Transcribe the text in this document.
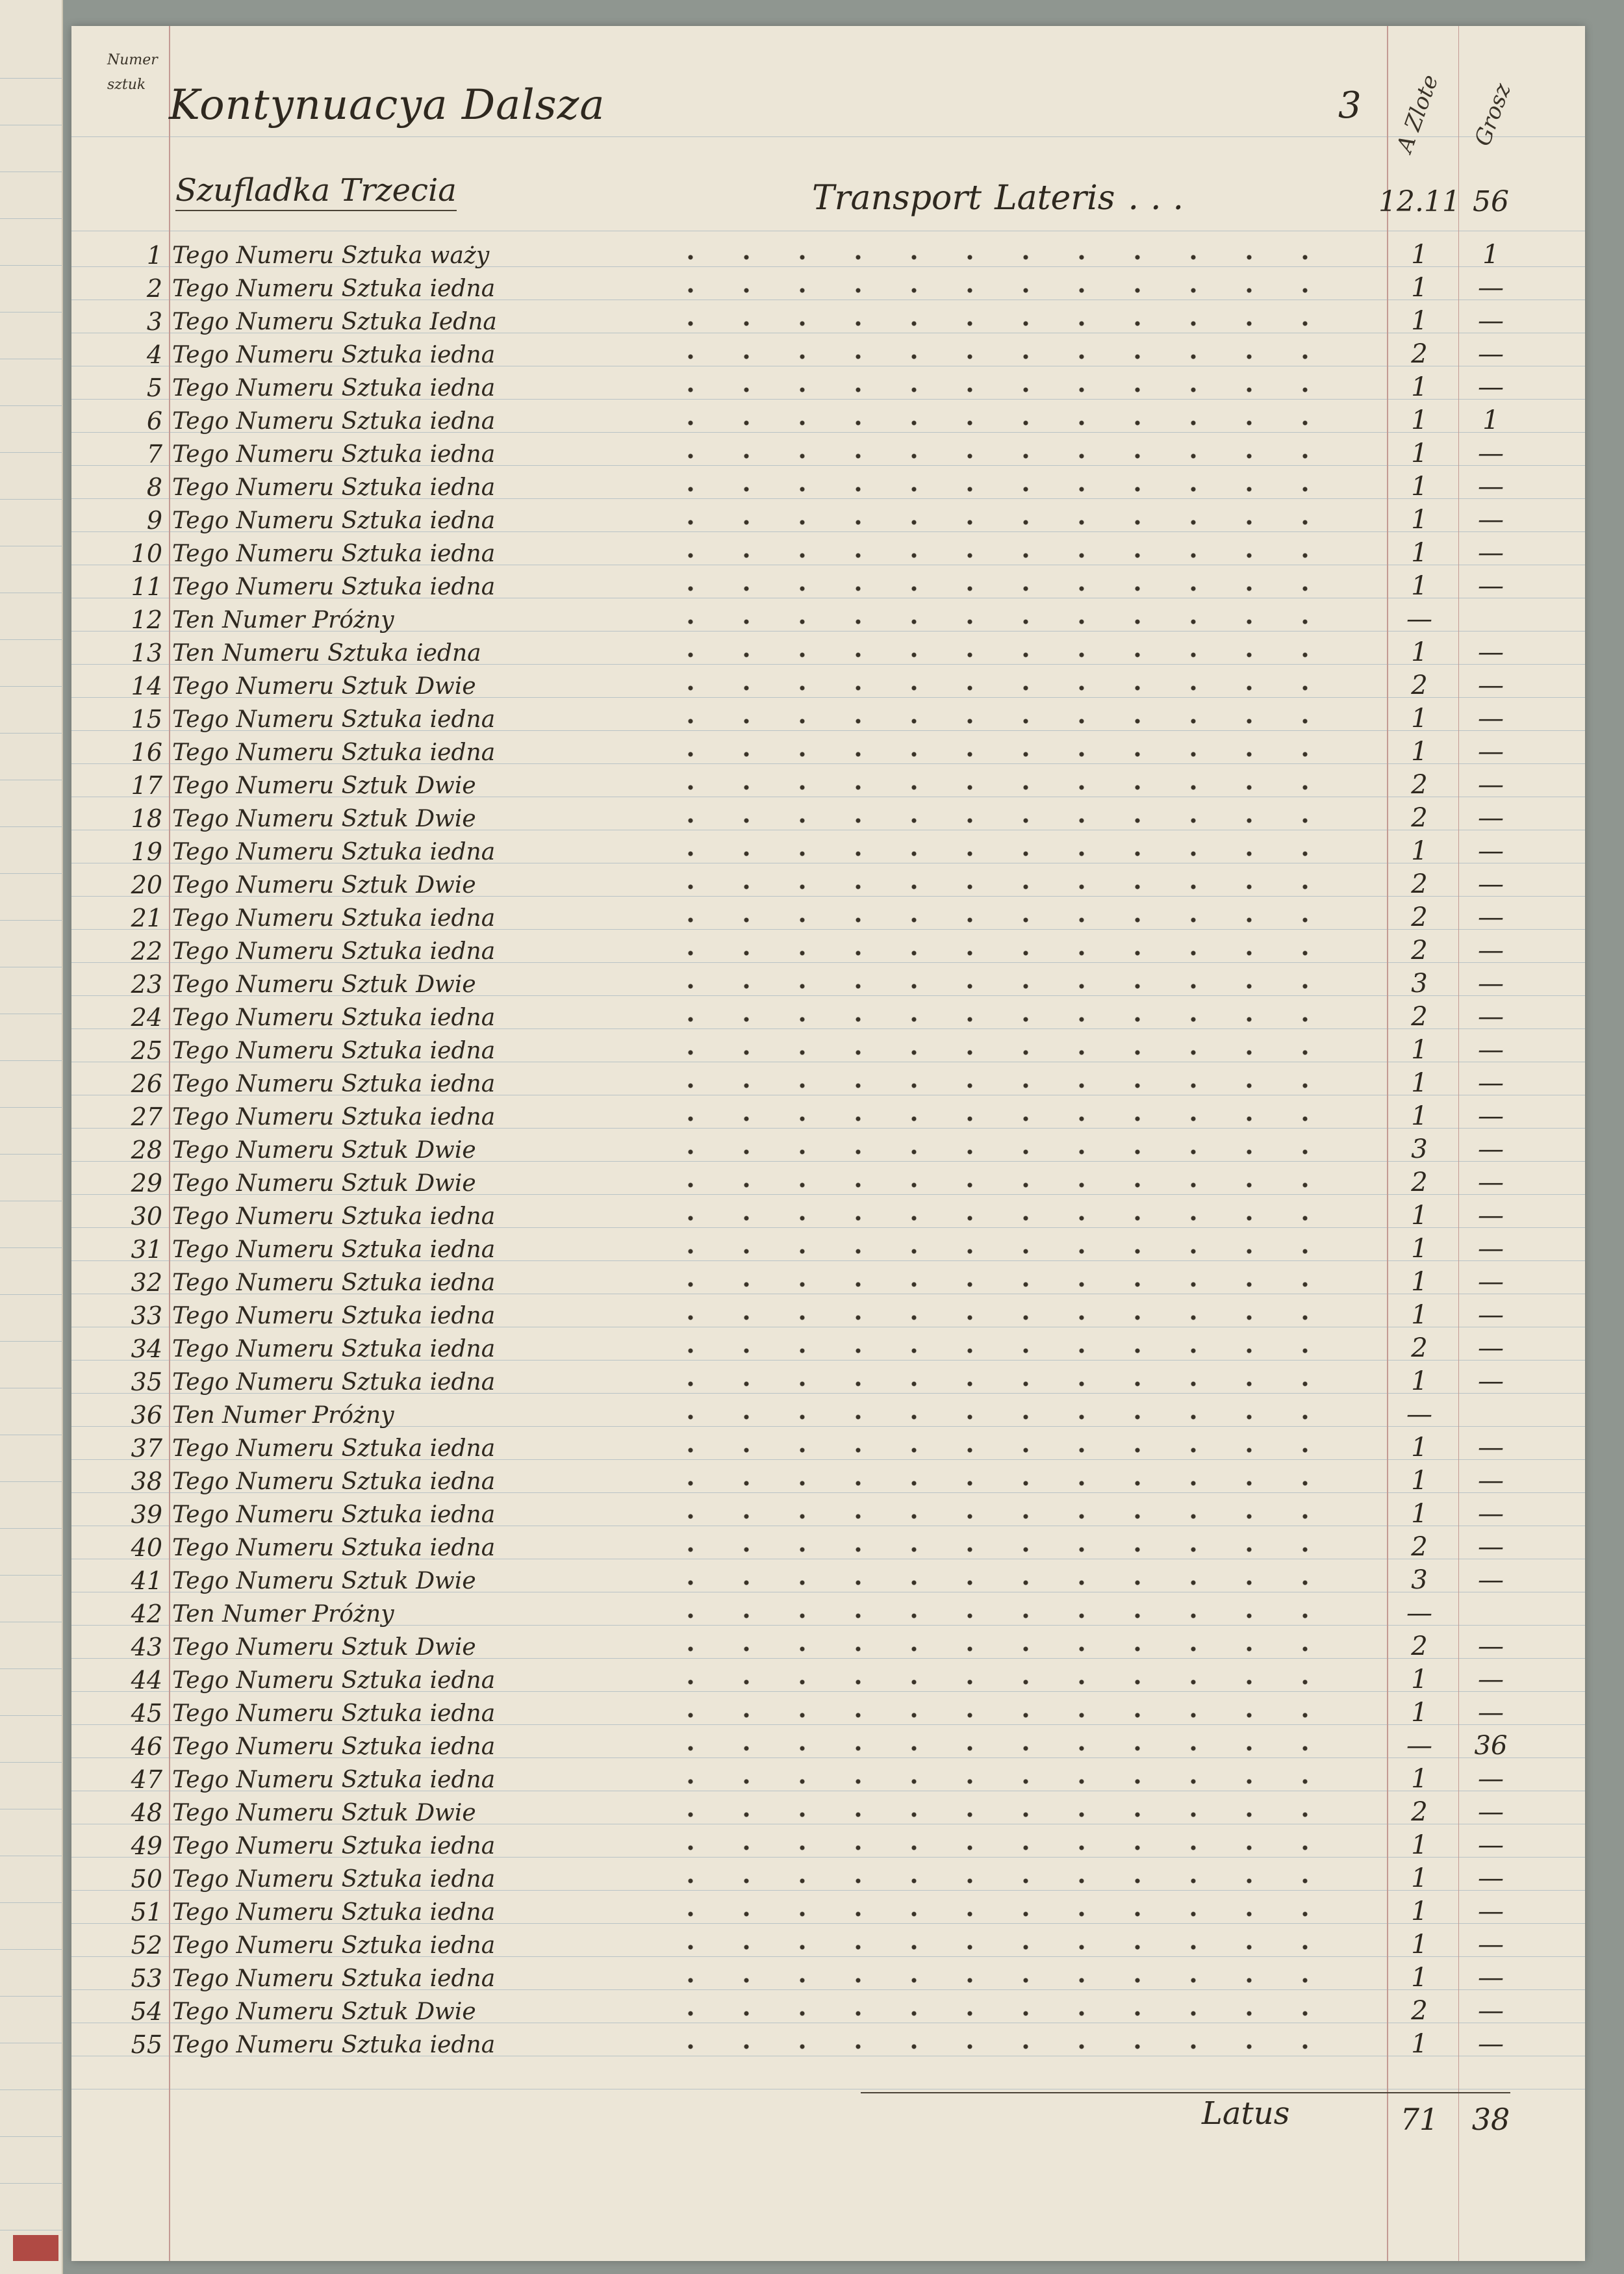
Numer
sztuk Kontynuacya Dalsza	3 A Zlote Grosz
Szufladka Trzecia	Transport Lateris ...	12.11 56
1 Tego Numeru Sztuka waży	1	1
2 Tego Numeru Sztuka iedna	1	—
3 Tego Numeru Sztuka Iedna	1	—
4 Tego Numeru Sztuka iedna	2	—
5 Tego Numeru Sztuka iedna	1	—
6 Tego Numeru Sztuka iedna	1	1
7 Tego Numeru Sztuka iedna	1	—
8 Tego Numeru Sztuka iedna	1	—
9 Tego Numeru Sztuka iedna	1	—
10 Tego Numeru Sztuka iedna	1	—
11 Tego Numeru Sztuka iedna	1	—
12 Ten Numer Próżny	—
13 Ten Numeru Sztuka iedna	1	—
14 Tego Numeru Sztuk Dwie	2	—
15 Tego Numeru Sztuka iedna	1	—
16 Tego Numeru Sztuka iedna	1	—
17 Tego Numeru Sztuk Dwie	2	—
18 Tego Numeru Sztuk Dwie	2	—
19 Tego Numeru Sztuka iedna	1	—
20 Tego Numeru Sztuk Dwie	2	—
21 Tego Numeru Sztuka iedna	2	—
22 Tego Numeru Sztuka iedna	2	—
23 Tego Numeru Sztuk Dwie	3	—
24 Tego Numeru Sztuka iedna	2	—
25 Tego Numeru Sztuka iedna	1	—
26 Tego Numeru Sztuka iedna	1	—
27 Tego Numeru Sztuka iedna	1	—
28 Tego Numeru Sztuk Dwie	3	—
29 Tego Numeru Sztuk Dwie	2	—
30 Tego Numeru Sztuka iedna	1	—
31 Tego Numeru Sztuka iedna	1	—
32 Tego Numeru Sztuka iedna	1	—
33 Tego Numeru Sztuka iedna	1	—
34 Tego Numeru Sztuka iedna	2	—
35 Tego Numeru Sztuka iedna	1	—
36 Ten Numer Próżny	—
37 Tego Numeru Sztuka iedna	1	—
38 Tego Numeru Sztuka iedna	1	—
39 Tego Numeru Sztuka iedna	1	—
40 Tego Numeru Sztuka iedna	2	—
41 Tego Numeru Sztuk Dwie	3	—
42 Ten Numer Próżny	—
43 Tego Numeru Sztuk Dwie	2	—
44 Tego Numeru Sztuka iedna	1	—
45 Tego Numeru Sztuka iedna	1	—
46 Tego Numeru Sztuka iedna	—	36
47 Tego Numeru Sztuka iedna	1	—
48 Tego Numeru Sztuk Dwie	2	—
49 Tego Numeru Sztuka iedna	1	—
50 Tego Numeru Sztuka iedna	1	—
51 Tego Numeru Sztuka iedna	1	—
52 Tego Numeru Sztuka iedna	1	—
53 Tego Numeru Sztuka iedna	1	—
54 Tego Numeru Sztuk Dwie	2	—
55 Tego Numeru Sztuka iedna	1	—
Latus	71	38
